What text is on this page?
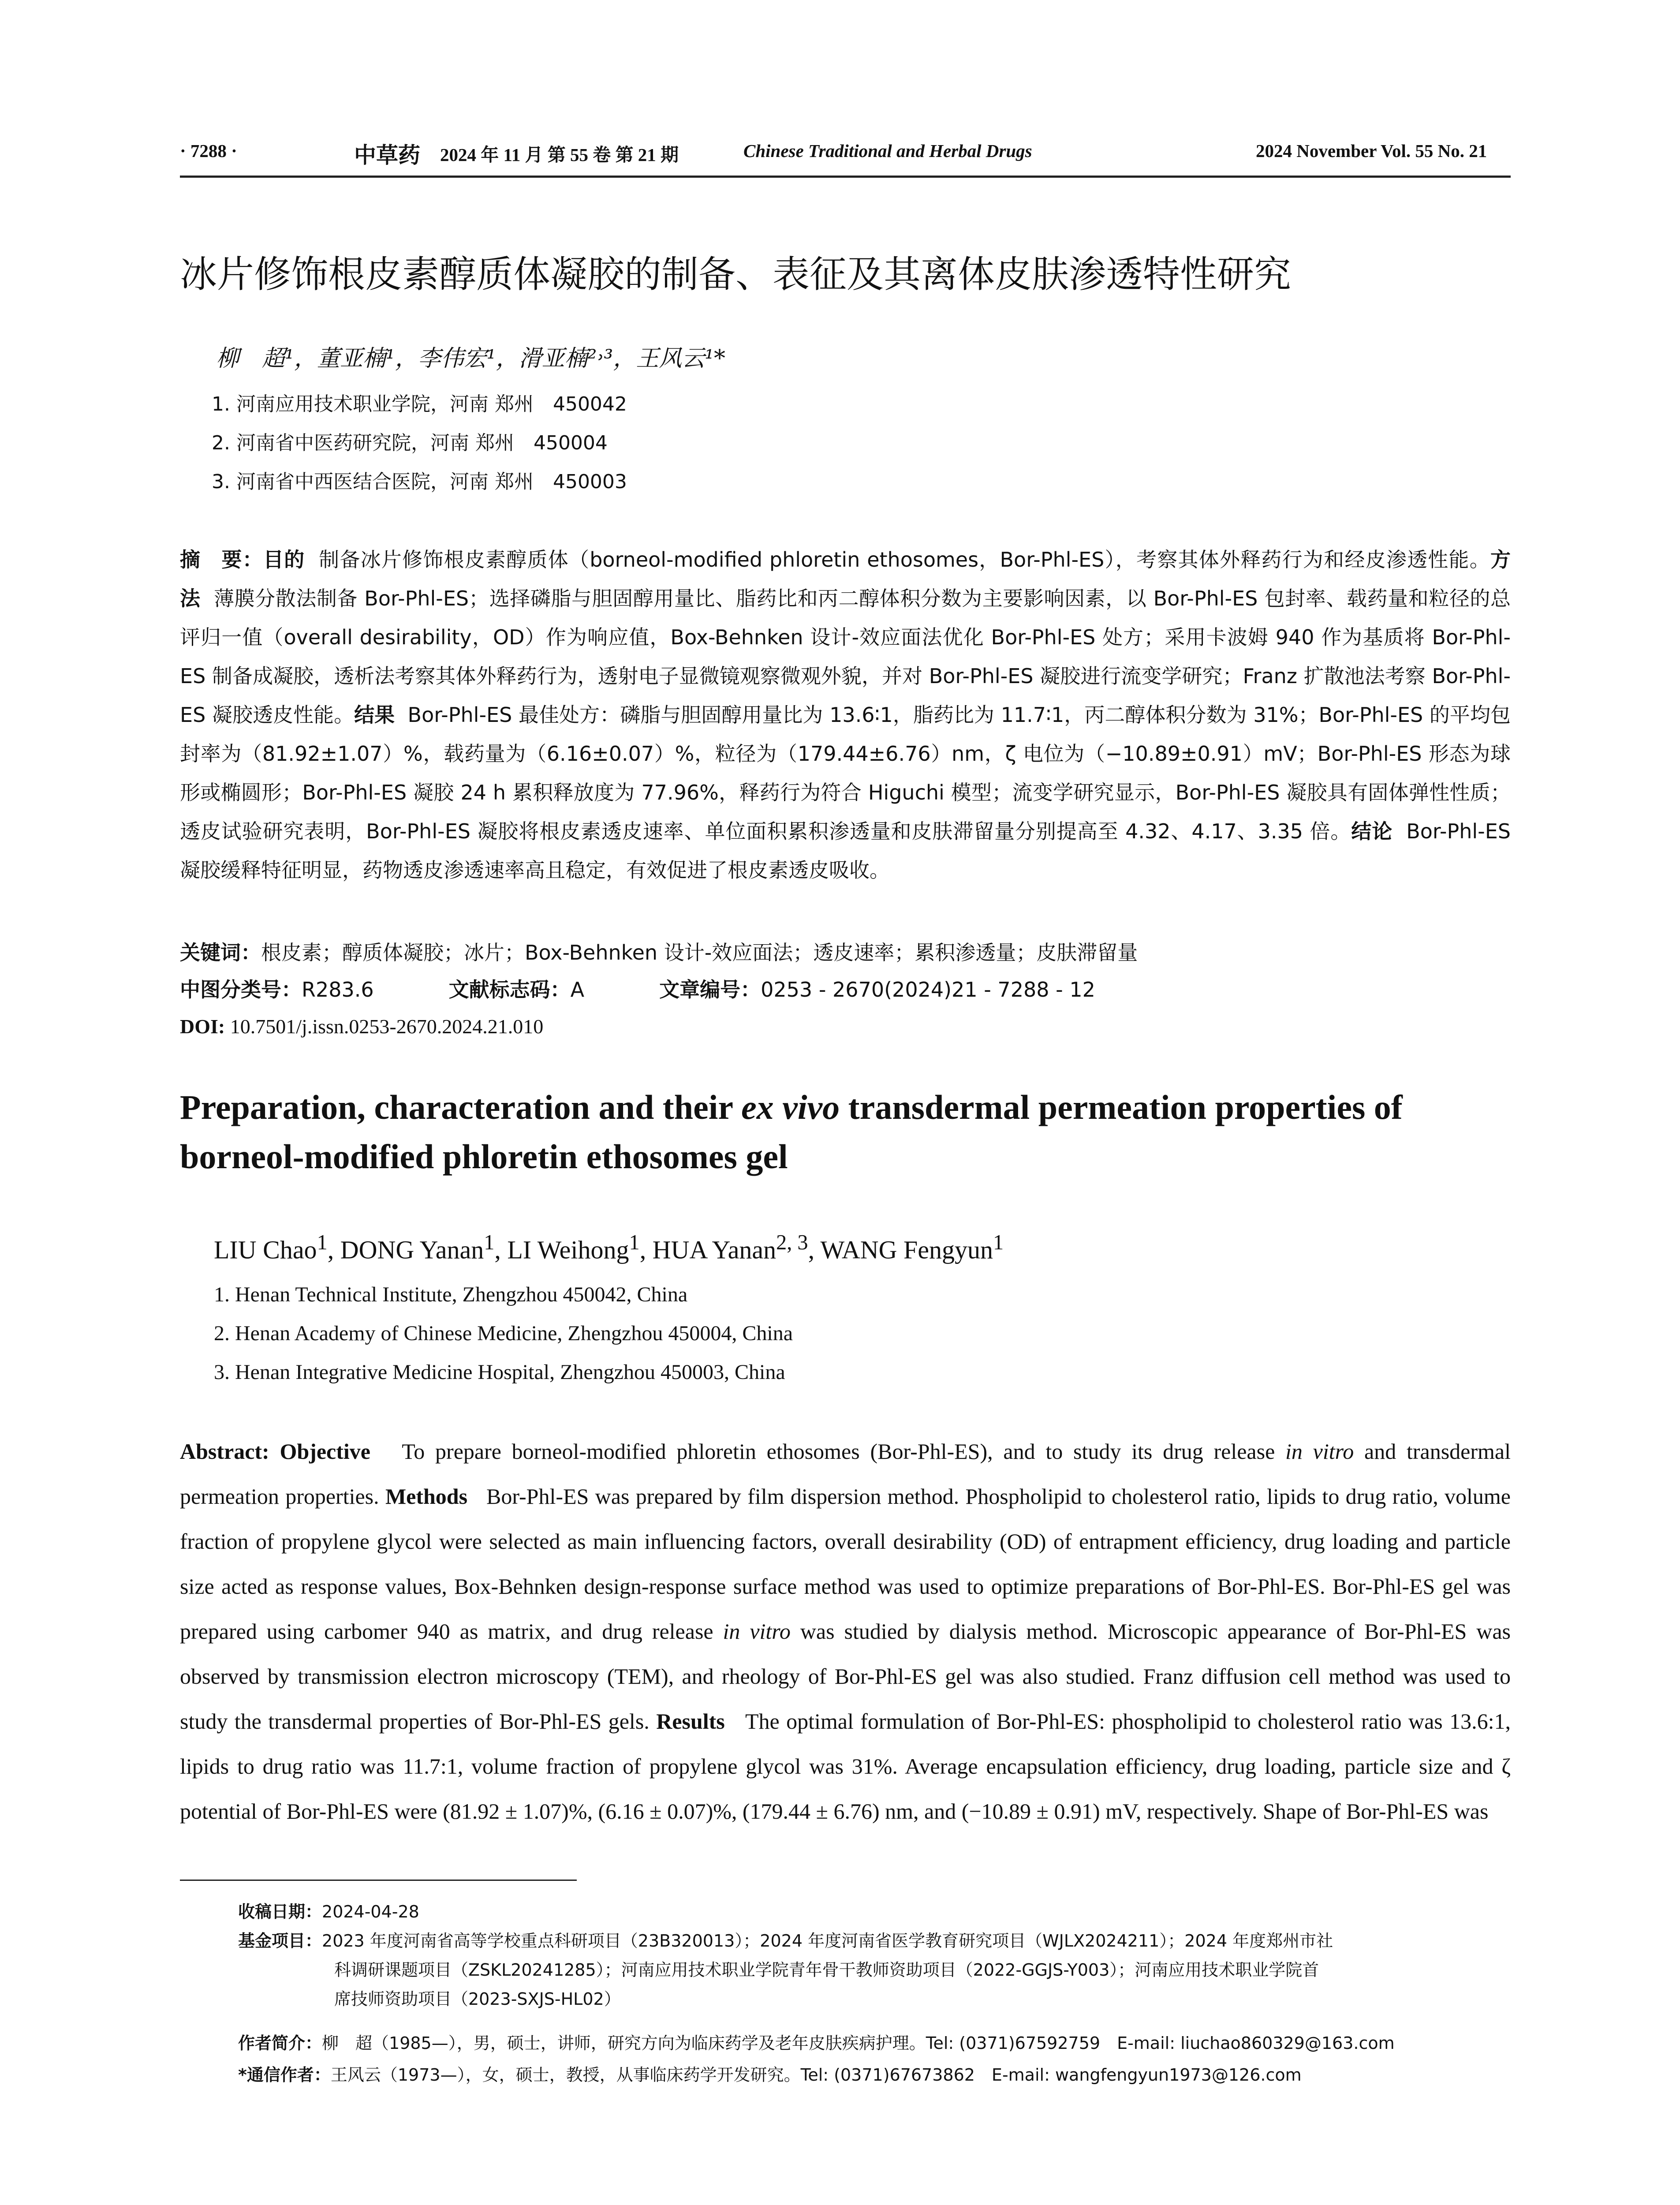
· 7288 ·	中草药 2024 年 11 月 第 55 卷 第 21 期	Chinese Traditional and Herbal Drugs	2024 November Vol. 55 No. 21
冰片修饰根皮素醇质体凝胶的制备、表征及其离体皮肤渗透特性研究
柳　超¹，董亚楠¹，李伟宏¹，滑亚楠²˒³，王风云¹*
1. 河南应用技术职业学院，河南 郑州　450042
2. 河南省中医药研究院，河南 郑州　450004
3. 河南省中西医结合医院，河南 郑州　450003
摘　要：目的 制备冰片修饰根皮素醇质体（borneol-modified phloretin ethosomes，Bor-Phl-ES），考察其体外释药行为和经皮渗透性能。方法 薄膜分散法制备 Bor-Phl-ES；选择磷脂与胆固醇用量比、脂药比和丙二醇体积分数为主要影响因素，以 Bor-Phl-ES 包封率、载药量和粒径的总评归一值（overall desirability，OD）作为响应值，Box-Behnken 设计-效应面法优化 Bor-Phl-ES 处方；采用卡波姆 940 作为基质将 Bor-Phl-ES 制备成凝胶，透析法考察其体外释药行为，透射电子显微镜观察微观外貌，并对 Bor-Phl-ES 凝胶进行流变学研究；Franz 扩散池法考察 Bor-Phl-ES 凝胶透皮性能。结果 Bor-Phl-ES 最佳处方：磷脂与胆固醇用量比为 13.6∶1，脂药比为 11.7∶1，丙二醇体积分数为 31%；Bor-Phl-ES 的平均包封率为（81.92±1.07）%，载药量为（6.16±0.07）%，粒径为（179.44±6.76）nm，ζ 电位为（−10.89±0.91）mV；Bor-Phl-ES 形态为球形或椭圆形；Bor-Phl-ES 凝胶 24 h 累积释放度为 77.96%，释药行为符合 Higuchi 模型；流变学研究显示，Bor-Phl-ES 凝胶具有固体弹性性质；透皮试验研究表明，Bor-Phl-ES 凝胶将根皮素透皮速率、单位面积累积渗透量和皮肤滞留量分别提高至 4.32、4.17、3.35 倍。结论 Bor-Phl-ES 凝胶缓释特征明显，药物透皮渗透速率高且稳定，有效促进了根皮素透皮吸收。
关键词：根皮素；醇质体凝胶；冰片；Box-Behnken 设计-效应面法；透皮速率；累积渗透量；皮肤滞留量
中图分类号：R283.6	文献标志码：A	文章编号：0253 - 2670(2024)21 - 7288 - 12
DOI: 10.7501/j.issn.0253-2670.2024.21.010
Preparation, characteration and their ex vivo transdermal permeation properties of borneol-modified phloretin ethosomes gel
LIU Chao$^1$, DONG Yanan$^1$, LI Weihong$^1$, HUA Yanan$^{2, 3}$, WANG Fengyun$^1$
1. Henan Technical Institute, Zhengzhou 450042, China
2. Henan Academy of Chinese Medicine, Zhengzhou 450004, China
3. Henan Integrative Medicine Hospital, Zhengzhou 450003, China
Abstract: Objective To prepare borneol-modified phloretin ethosomes (Bor-Phl-ES), and to study its drug release in vitro and transdermal permeation properties. Methods Bor-Phl-ES was prepared by film dispersion method. Phospholipid to cholesterol ratio, lipids to drug ratio, volume fraction of propylene glycol were selected as main influencing factors, overall desirability (OD) of entrapment efficiency, drug loading and particle size acted as response values, Box-Behnken design-response surface method was used to optimize preparations of Bor-Phl-ES. Bor-Phl-ES gel was prepared using carbomer 940 as matrix, and drug release in vitro was studied by dialysis method. Microscopic appearance of Bor-Phl-ES was observed by transmission electron microscopy (TEM), and rheology of Bor-Phl-ES gel was also studied. Franz diffusion cell method was used to study the transdermal properties of Bor-Phl-ES gels. Results The optimal formulation of Bor-Phl-ES: phospholipid to cholesterol ratio was 13.6:1, lipids to drug ratio was 11.7:1, volume fraction of propylene glycol was 31%. Average encapsulation efficiency, drug loading, particle size and ζ potential of Bor-Phl-ES were (81.92 ± 1.07)%, (6.16 ± 0.07)%, (179.44 ± 6.76) nm, and (−10.89 ± 0.91) mV, respectively. Shape of Bor-Phl-ES was
收稿日期：2024-04-28
基金项目：2023 年度河南省高等学校重点科研项目（23B320013）；2024 年度河南省医学教育研究项目（WJLX2024211）；2024 年度郑州市社
科调研课题项目（ZSKL20241285）；河南应用技术职业学院青年骨干教师资助项目（2022-GGJS-Y003）；河南应用技术职业学院首
席技师资助项目（2023-SXJS-HL02）
作者简介：柳　超（1985—），男，硕士，讲师，研究方向为临床药学及老年皮肤疾病护理。Tel: (0371)67592759　E-mail: liuchao860329@163.com
*通信作者：王风云（1973—），女，硕士，教授，从事临床药学开发研究。Tel: (0371)67673862　E-mail: wangfengyun1973@126.com
